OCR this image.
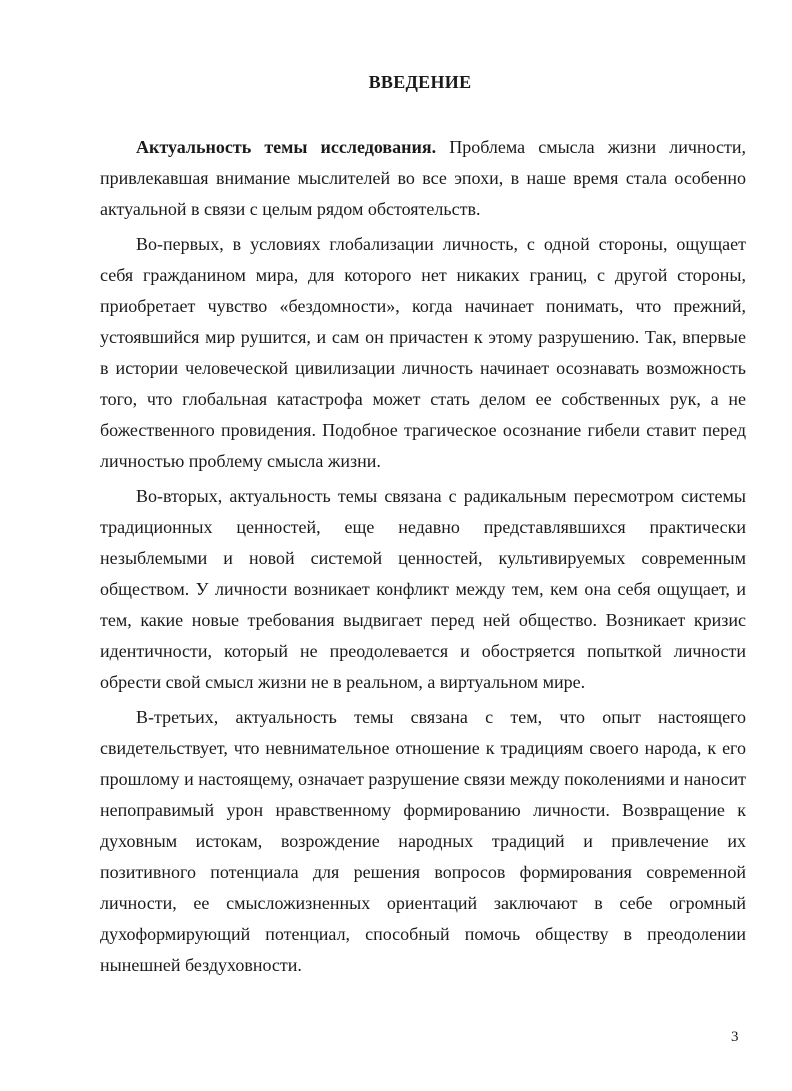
ВВЕДЕНИЕ

Актуальность темы исследования. Проблема смысла жизни личности, привлекавшая внимание мыслителей во все эпохи, в наше время стала особенно актуальной в связи с целым рядом обстоятельств.

Во-первых, в условиях глобализации личность, с одной стороны, ощущает себя гражданином мира, для которого нет никаких границ, с другой стороны, приобретает чувство «бездомности», когда начинает понимать, что прежний, устоявшийся мир рушится, и сам он причастен к этому разрушению. Так, впервые в истории человеческой цивилизации личность начинает осознавать возможность того, что глобальная катастрофа может стать делом ее собственных рук, а не божественного провидения. Подобное трагическое осознание гибели ставит перед личностью проблему смысла жизни.

Во-вторых, актуальность темы связана с радикальным пересмотром системы традиционных ценностей, еще недавно представлявшихся практически незыблемыми и новой системой ценностей, культивируемых современным обществом. У личности возникает конфликт между тем, кем она себя ощущает, и тем, какие новые требования выдвигает перед ней общество. Возникает кризис идентичности, который не преодолевается и обостряется попыткой личности обрести свой смысл жизни не в реальном, а виртуальном мире.

В-третьих, актуальность темы связана с тем, что опыт настоящего свидетельствует, что невнимательное отношение к традициям своего народа, к его прошлому и настоящему, означает разрушение связи между поколениями и наносит непоправимый урон нравственному формированию личности. Возвращение к духовным истокам, возрождение народных традиций и привлечение их позитивного потенциала для решения вопросов формирования современной личности, ее смысложизненных ориентаций заключают в себе огромный духоформирующий потенциал, способный помочь обществу в преодолении нынешней бездуховности.

3
